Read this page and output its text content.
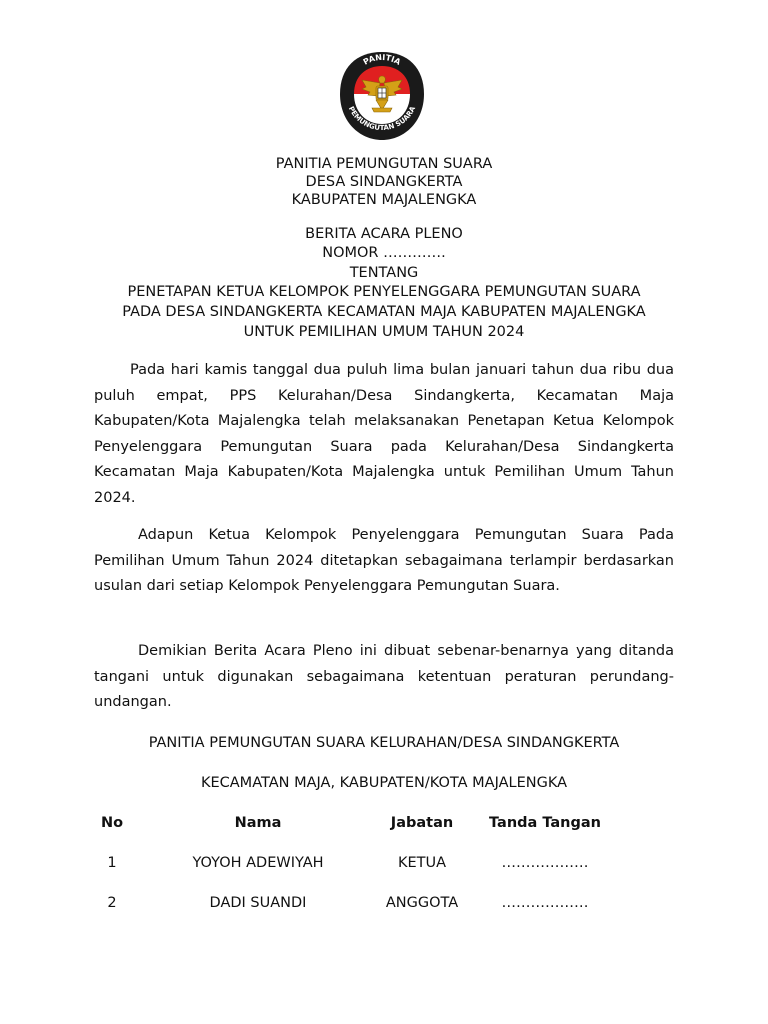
PANITIA
PEMUNGUTAN SUARA
PANITIA PEMUNGUTAN SUARA
DESA SINDANGKERTA
KABUPATEN MAJALENGKA
BERITA ACARA PLENO
NOMOR ………….
TENTANG
PENETAPAN KETUA KELOMPOK PENYELENGGARA PEMUNGUTAN SUARA
PADA DESA SINDANGKERTA KECAMATAN MAJA KABUPATEN MAJALENGKA
UNTUK PEMILIHAN UMUM TAHUN 2024

Pada hari kamis tanggal dua puluh lima bulan januari tahun dua ribu dua puluh empat, PPS Kelurahan/Desa Sindangkerta, Kecamatan Maja Kabupaten/Kota Majalengka telah melaksanakan Penetapan Ketua Kelompok Penyelenggara Pemungutan Suara pada Kelurahan/Desa Sindangkerta Kecamatan Maja Kabupaten/Kota Majalengka untuk Pemilihan Umum Tahun 2024.

Adapun Ketua Kelompok Penyelenggara Pemungutan Suara Pada Pemilihan Umum Tahun 2024 ditetapkan sebagaimana terlampir berdasarkan usulan dari setiap Kelompok Penyelenggara Pemungutan Suara.

Demikian Berita Acara Pleno ini dibuat sebenar-benarnya yang ditanda tangani untuk digunakan sebagaimana ketentuan peraturan perundang-undangan.

PANITIA PEMUNGUTAN SUARA KELURAHAN/DESA SINDANGKERTA
KECAMATAN MAJA, KABUPATEN/KOTA MAJALENGKA
No	Nama	Jabatan	Tanda Tangan
1	YOYOH ADEWIYAH	KETUA	………………
2	DADI SUANDI	ANGGOTA	………………
